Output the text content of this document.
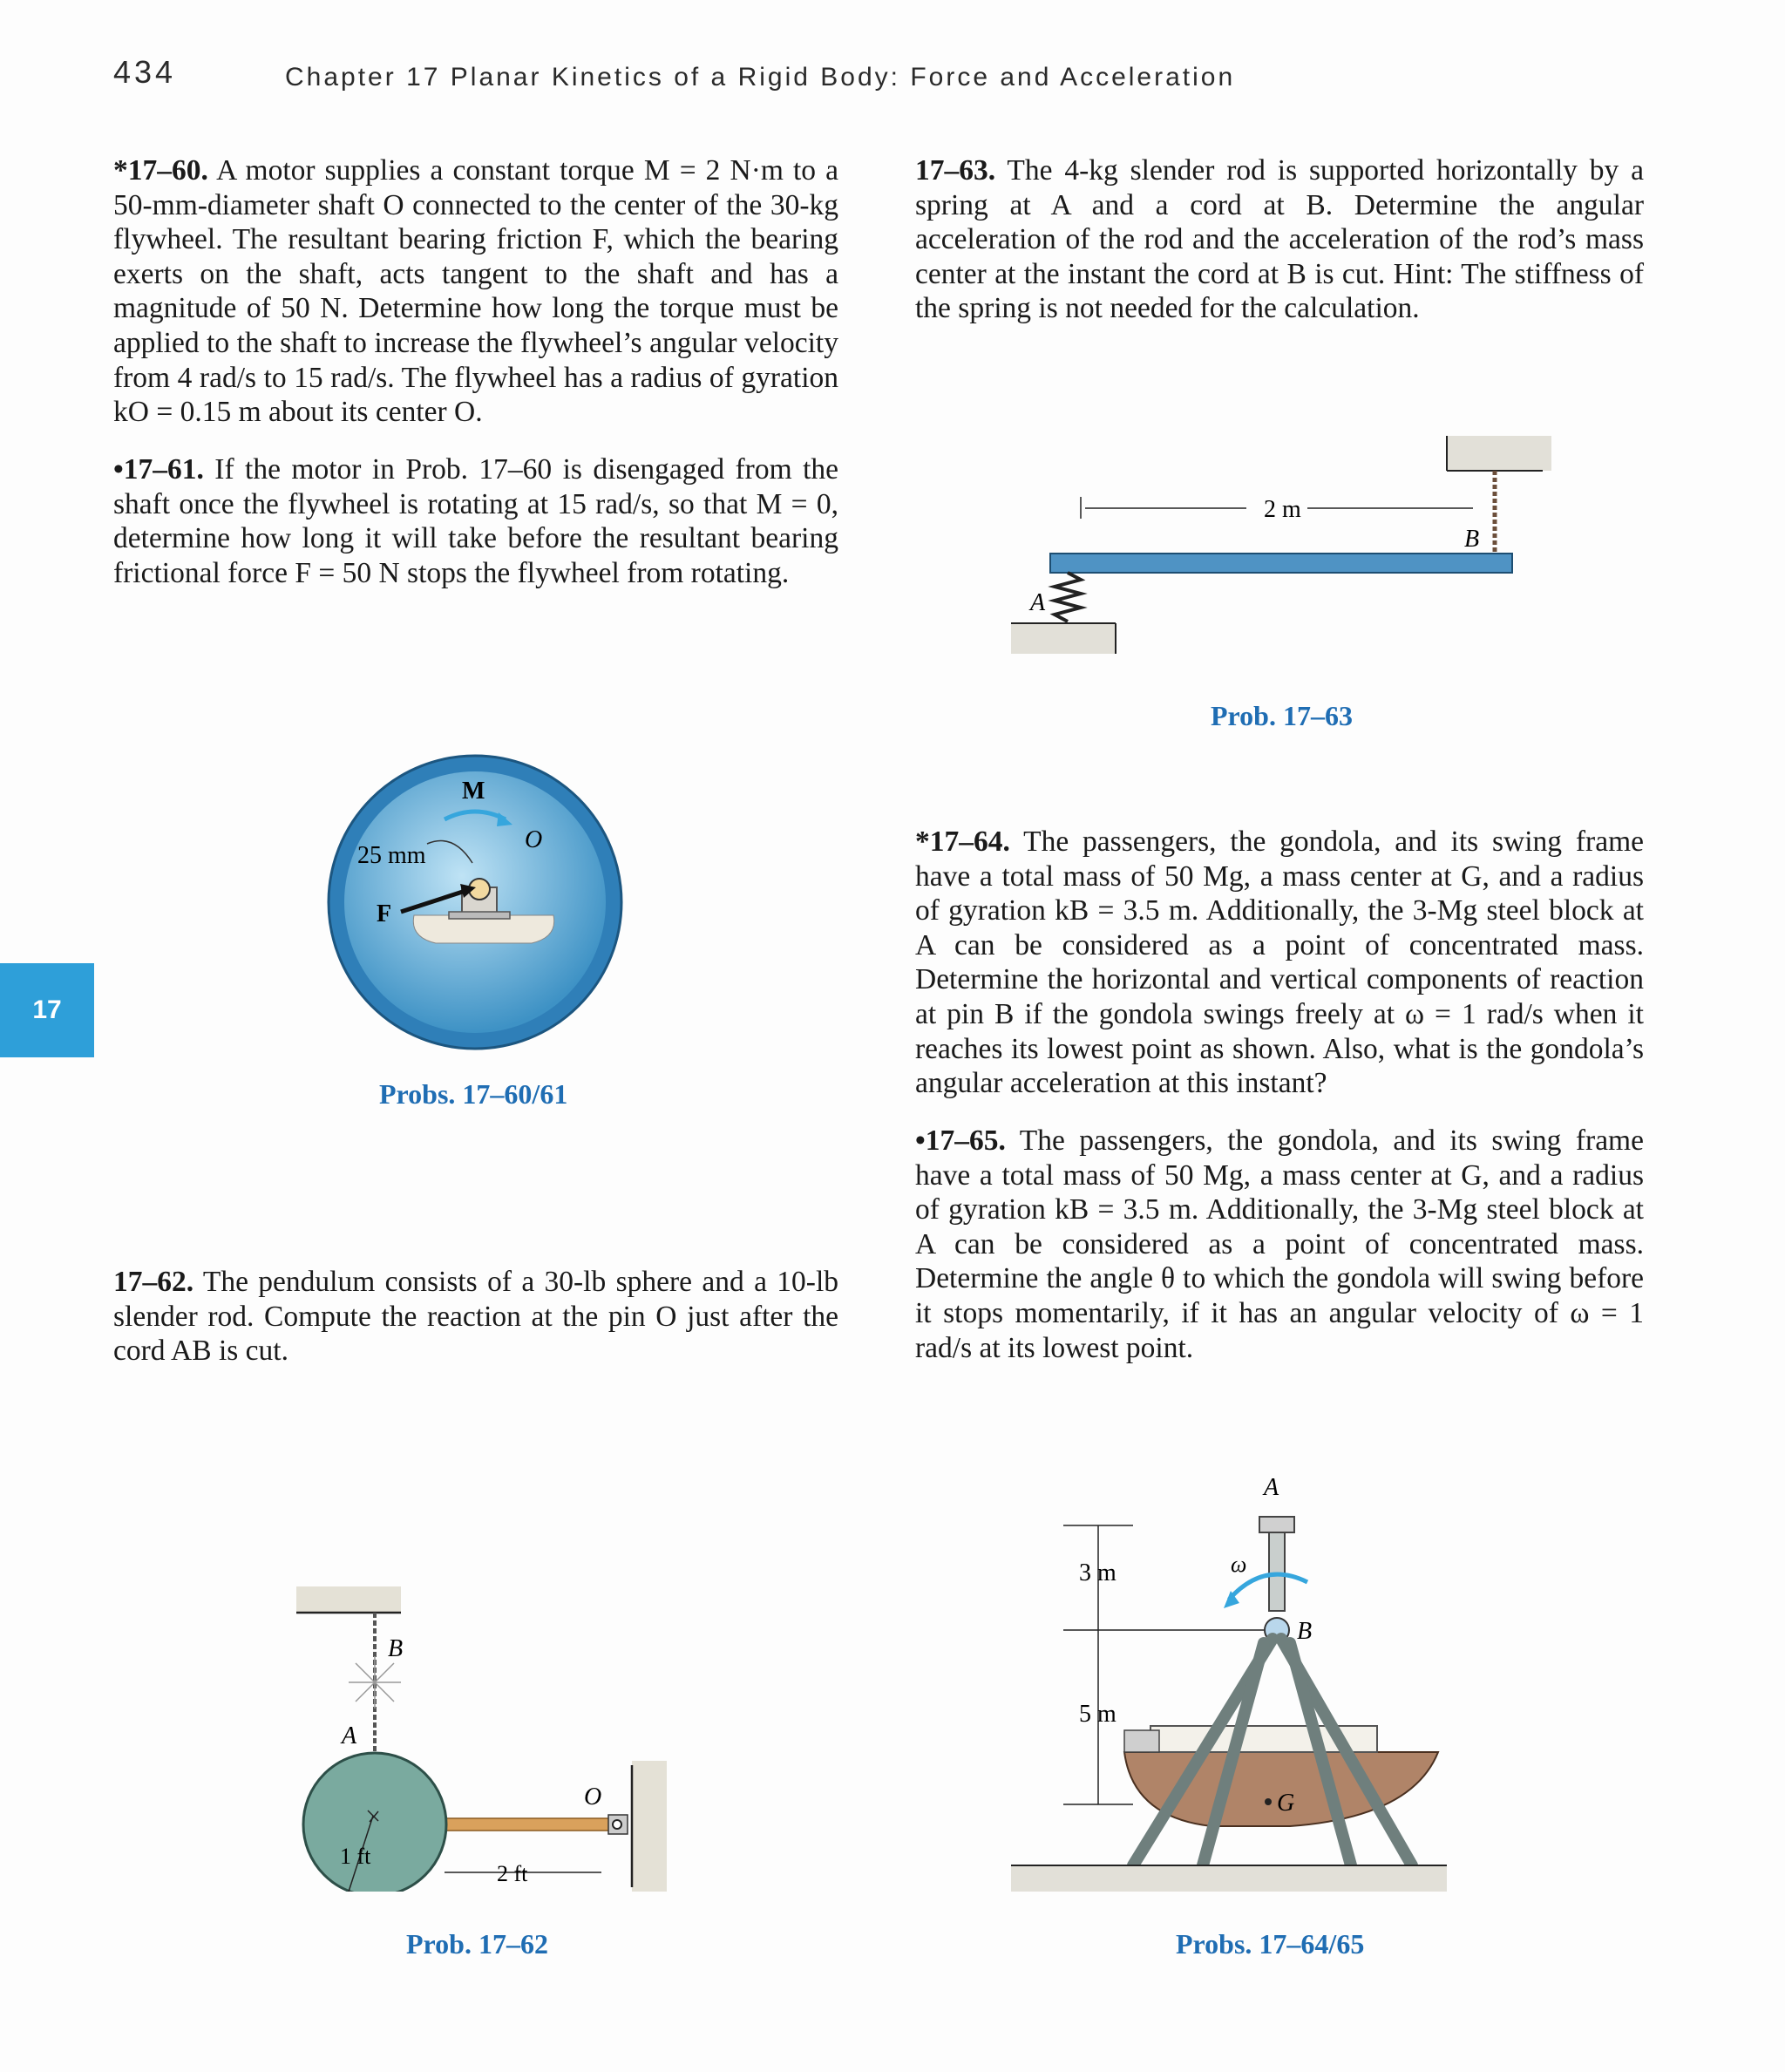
434	Chapter 17 Planar Kinetics of a Rigid Body: Force and Acceleration
17
*17–60. A motor supplies a constant torque M = 2 N·m to a 50-mm-diameter shaft O connected to the center of the 30-kg flywheel. The resultant bearing friction F, which the bearing exerts on the shaft, acts tangent to the shaft and has a magnitude of 50 N. Determine how long the torque must be applied to the shaft to increase the flywheel’s angular velocity from 4 rad/s to 15 rad/s. The flywheel has a radius of gyration kO = 0.15 m about its center O.
•17–61. If the motor in Prob. 17–60 is disengaged from the shaft once the flywheel is rotating at 15 rad/s, so that M = 0, determine how long it will take before the resultant bearing frictional force F = 50 N stops the flywheel from rotating.
17–62. The pendulum consists of a 30-lb sphere and a 10-lb slender rod. Compute the reaction at the pin O just after the cord AB is cut.
17–63. The 4-kg slender rod is supported horizontally by a spring at A and a cord at B. Determine the angular acceleration of the rod and the acceleration of the rod’s mass center at the instant the cord at B is cut. Hint: The stiffness of the spring is not needed for the calculation.
*17–64. The passengers, the gondola, and its swing frame have a total mass of 50 Mg, a mass center at G, and a radius of gyration kB = 3.5 m. Additionally, the 3-Mg steel block at A can be considered as a point of concentrated mass. Determine the horizontal and vertical components of reaction at pin B if the gondola swings freely at ω = 1 rad/s when it reaches its lowest point as shown. Also, what is the gondola’s angular acceleration at this instant?
•17–65. The passengers, the gondola, and its swing frame have a total mass of 50 Mg, a mass center at G, and a radius of gyration kB = 3.5 m. Additionally, the 3-Mg steel block at A can be considered as a point of concentrated mass. Determine the angle θ to which the gondola will swing before it stops momentarily, if it has an angular velocity of ω = 1 rad/s at its lowest point.
M
O
25 mm
F
Probs. 17–60/61
B
A
1 ft
O
2 ft
Prob. 17–62
2 m
A
B
Prob. 17–63
A
ω
B
3 m
5 m
G
Probs. 17–64/65
